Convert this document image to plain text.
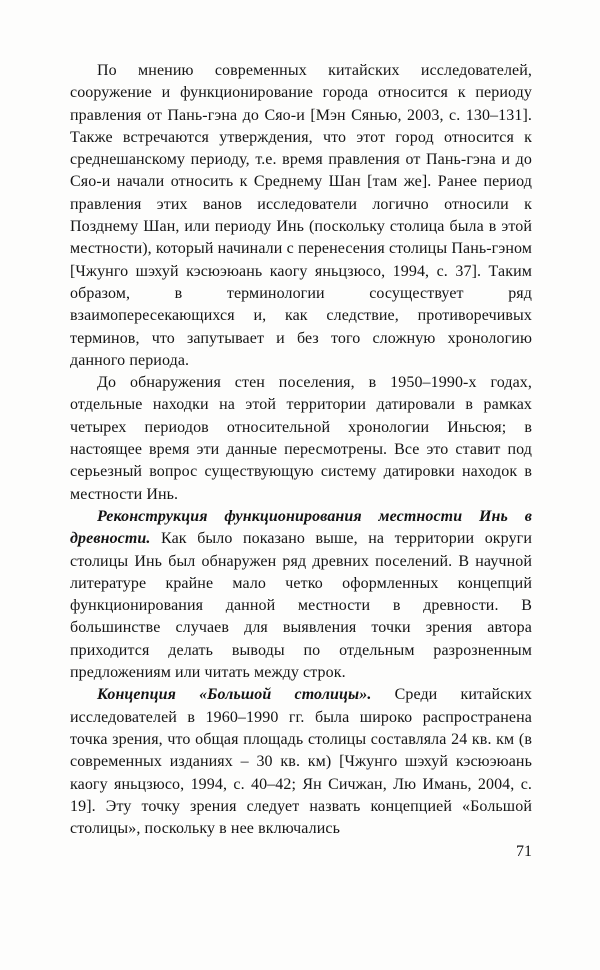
По мнению современных китайских исследователей, сооружение и функционирование города относится к периоду правления от Пань-гэна до Сяо-и [Мэн Сянью, 2003, с. 130–131]. Также встречаются утверждения, что этот город относится к среднешанскому периоду, т.е. время правления от Пань-гэна и до Сяо-и начали относить к Среднему Шан [там же]. Ранее период правления этих ванов исследователи логично относили к Позднему Шан, или периоду Инь (поскольку столица была в этой местности), который начинали с перенесения столицы Пань-гэном [Чжунго шэхуй кэсюэюань каогу яньцзюсо, 1994, с. 37]. Таким образом, в терминологии сосуществует ряд взаимопересекающихся и, как следствие, противоречивых терминов, что запутывает и без того сложную хронологию данного периода.

До обнаружения стен поселения, в 1950–1990-х годах, отдельные находки на этой территории датировали в рамках четырех периодов относительной хронологии Иньсюя; в настоящее время эти данные пересмотрены. Все это ставит под серьезный вопрос существующую систему датировки находок в местности Инь.

Реконструкция функционирования местности Инь в древности. Как было показано выше, на территории округи столицы Инь был обнаружен ряд древних поселений. В научной литературе крайне мало четко оформленных концепций функционирования данной местности в древности. В большинстве случаев для выявления точки зрения автора приходится делать выводы по отдельным разрозненным предложениям или читать между строк.

Концепция «Большой столицы». Среди китайских исследователей в 1960–1990 гг. была широко распространена точка зрения, что общая площадь столицы составляла 24 кв. км (в современных изданиях – 30 кв. км) [Чжунго шэхуй кэсюэюань каогу яньцзюсо, 1994, с. 40–42; Ян Сичжан, Лю Имань, 2004, с. 19]. Эту точку зрения следует назвать концепцией «Большой столицы», поскольку в нее включались

71
